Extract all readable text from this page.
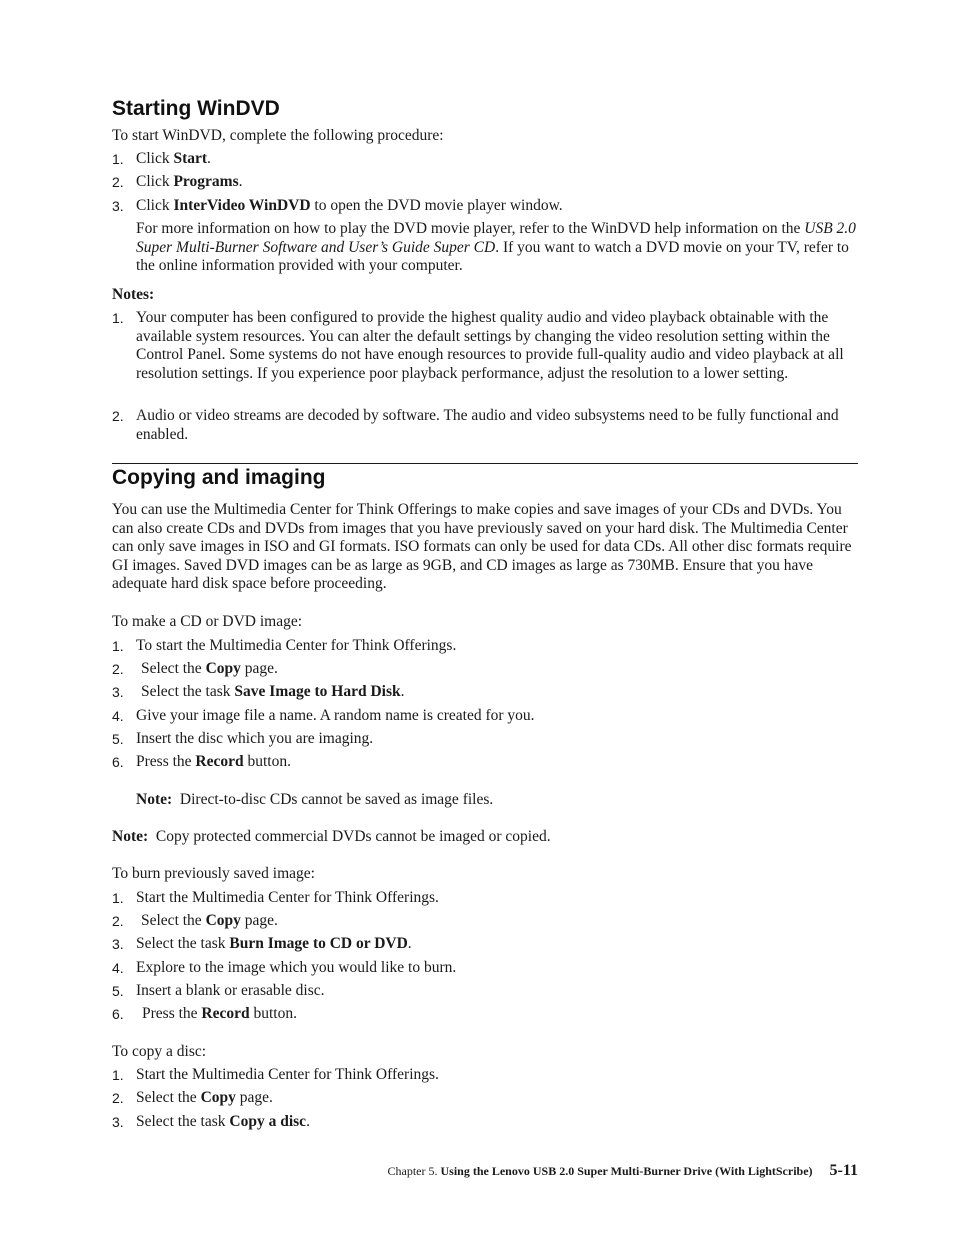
Starting WinDVD

To start WinDVD, complete the following procedure:

1. Click Start.
2. Click Programs.
3. Click InterVideo WinDVD to open the DVD movie player window.

For more information on how to play the DVD movie player, refer to the WinDVD help information on the USB 2.0 Super Multi-Burner Software and User’s Guide Super CD. If you want to watch a DVD movie on your TV, refer to the online information provided with your computer.

Notes:

1. Your computer has been configured to provide the highest quality audio and video playback obtainable with the available system resources. You can alter the default settings by changing the video resolution setting within the Control Panel. Some systems do not have enough resources to provide full-quality audio and video playback at all resolution settings. If you experience poor playback performance, adjust the resolution to a lower setting.
2. Audio or video streams are decoded by software. The audio and video subsystems need to be fully functional and enabled.
Copying and imaging

You can use the Multimedia Center for Think Offerings to make copies and save images of your CDs and DVDs. You can also create CDs and DVDs from images that you have previously saved on your hard disk. The Multimedia Center can only save images in ISO and GI formats. ISO formats can only be used for data CDs. All other disc formats require GI images. Saved DVD images can be as large as 9GB, and CD images as large as 730MB. Ensure that you have adequate hard disk space before proceeding.

To make a CD or DVD image:

1. To start the Multimedia Center for Think Offerings.
2. Select the Copy page.
3. Select the task Save Image to Hard Disk.
4. Give your image file a name. A random name is created for you.
5. Insert the disc which you are imaging.
6. Press the Record button.

Note: Direct-to-disc CDs cannot be saved as image files.

Note: Copy protected commercial DVDs cannot be imaged or copied.

To burn previously saved image:

1. Start the Multimedia Center for Think Offerings.
2. Select the Copy page.
3. Select the task Burn Image to CD or DVD.
4. Explore to the image which you would like to burn.
5. Insert a blank or erasable disc.
6. Press the Record button.

To copy a disc:

1. Start the Multimedia Center for Think Offerings.
2. Select the Copy page.
3. Select the task Copy a disc.
Chapter 5. Using the Lenovo USB 2.0 Super Multi-Burner Drive (With LightScribe) 5-11
